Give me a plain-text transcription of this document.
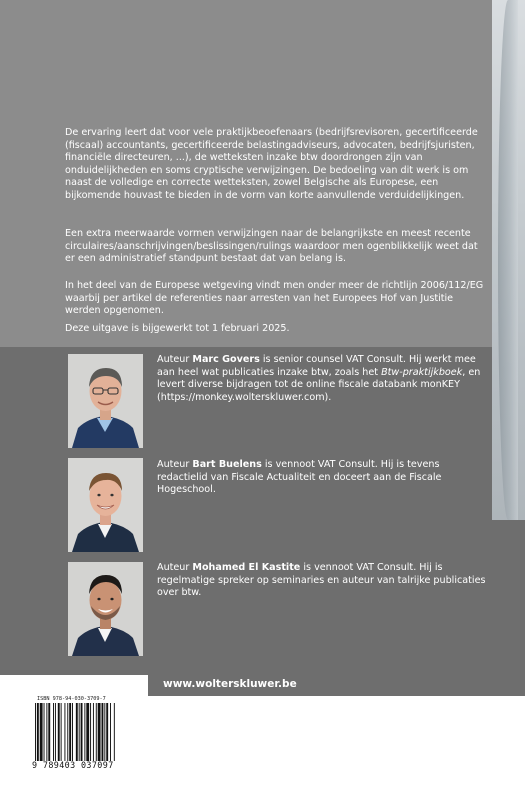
De ervaring leert dat voor vele praktijkbeoefenaars (bedrijfsrevisoren, gecertificeerde (fiscaal) accountants, gecertificeerde belastingadviseurs, advocaten, bedrijfsjuristen, financiële directeuren, ...), de wetteksten inzake btw doordrongen zijn van onduidelijkheden en soms cryptische verwijzingen. De bedoeling van dit werk is om naast de volledige en correcte wetteksten, zowel Belgische als Europese, een bijkomende houvast te bieden in de vorm van korte aanvullende verduidelijkingen.

Een extra meerwaarde vormen verwijzingen naar de belangrijkste en meest recente circulaires/aanschrijvingen/beslissingen/rulings waardoor men ogenblikkelijk weet dat er een administratief standpunt bestaat dat van belang is.

In het deel van de Europese wetgeving vindt men onder meer de richtlijn 2006/112/EG waarbij per artikel de referenties naar arresten van het Europees Hof van Justitie werden opgenomen.

Deze uitgave is bijgewerkt tot 1 februari 2025.

Auteur Marc Govers is senior counsel VAT Consult. Hij werkt mee aan heel wat publicaties inzake btw, zoals het Btw-praktijkboek, en levert diverse bijdragen tot de online fiscale databank monKEY (https://monkey.wolterskluwer.com).

Auteur Bart Buelens is vennoot VAT Consult. Hij is tevens redactielid van Fiscale Actualiteit en doceert aan de Fiscale Hogeschool.

Auteur Mohamed El Kastite is vennoot VAT Consult. Hij is regelmatige spreker op seminaries en auteur van talrijke publicaties over btw.

www.wolterskluwer.be
ISBN 978-94-030-3709-7
9 789403 037097
